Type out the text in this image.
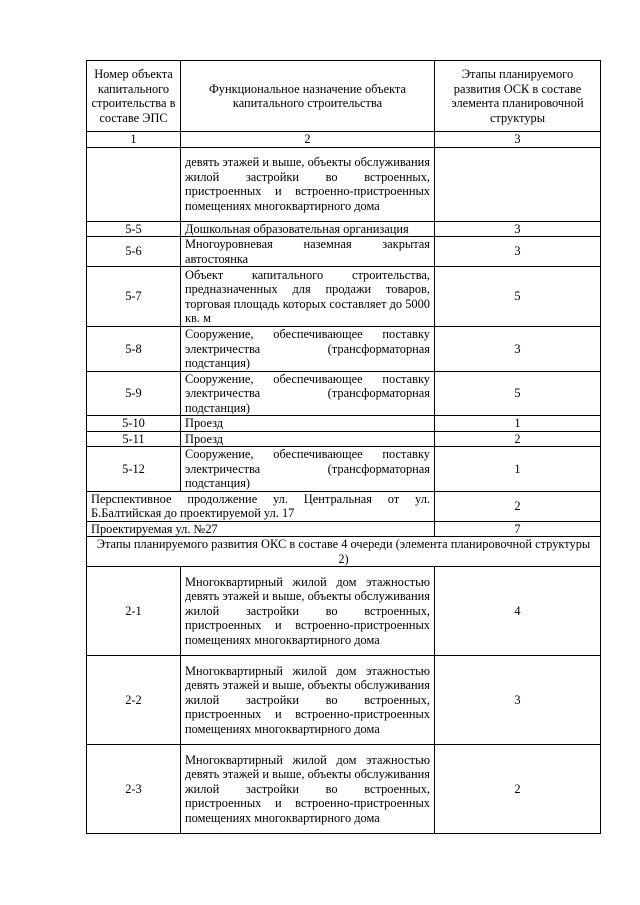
Номер объекта капитального строительства в составе ЭПС	Функциональное назначение объекта капитального строительства	Этапы планируемого развития ОСК в составе элемента планировочной структуры
1	2	3
	девять этажей и выше, объекты обслуживания жилой застройки во встроенных, пристроенных и встроенно-пристроенных помещениях многоквартирного дома	
5-5	Дошкольная образовательная организация	3
5-6	Многоуровневая наземная закрытая автостоянка	3
5-7	Объект капитального строительства, предназначенных для продажи товаров, торговая площадь которых составляет до 5000 кв. м	5
5-8	Сооружение, обеспечивающее поставку электричества (трансформаторная подстанция)	3
5-9	Сооружение, обеспечивающее поставку электричества (трансформаторная подстанция)	5
5-10	Проезд	1
5-11	Проезд	2
5-12	Сооружение, обеспечивающее поставку электричества (трансформаторная подстанция)	1
Перспективное продолжение ул. Центральная от ул. Б.Балтийская до проектируемой ул. 17		2
Проектируемая ул. №27		7
Этапы планируемого развития ОКС в составе 4 очереди (элемента планировочной структуры 2)		
2-1	Многоквартирный жилой дом этажностью девять этажей и выше, объекты обслуживания жилой застройки во встроенных, пристроенных и встроенно-пристроенных помещениях многоквартирного дома	4
2-2	Многоквартирный жилой дом этажностью девять этажей и выше, объекты обслуживания жилой застройки во встроенных, пристроенных и встроенно-пристроенных помещениях многоквартирного дома	3
2-3	Многоквартирный жилой дом этажностью девять этажей и выше, объекты обслуживания жилой застройки во встроенных, пристроенных и встроенно-пристроенных помещениях многоквартирного дома	2
